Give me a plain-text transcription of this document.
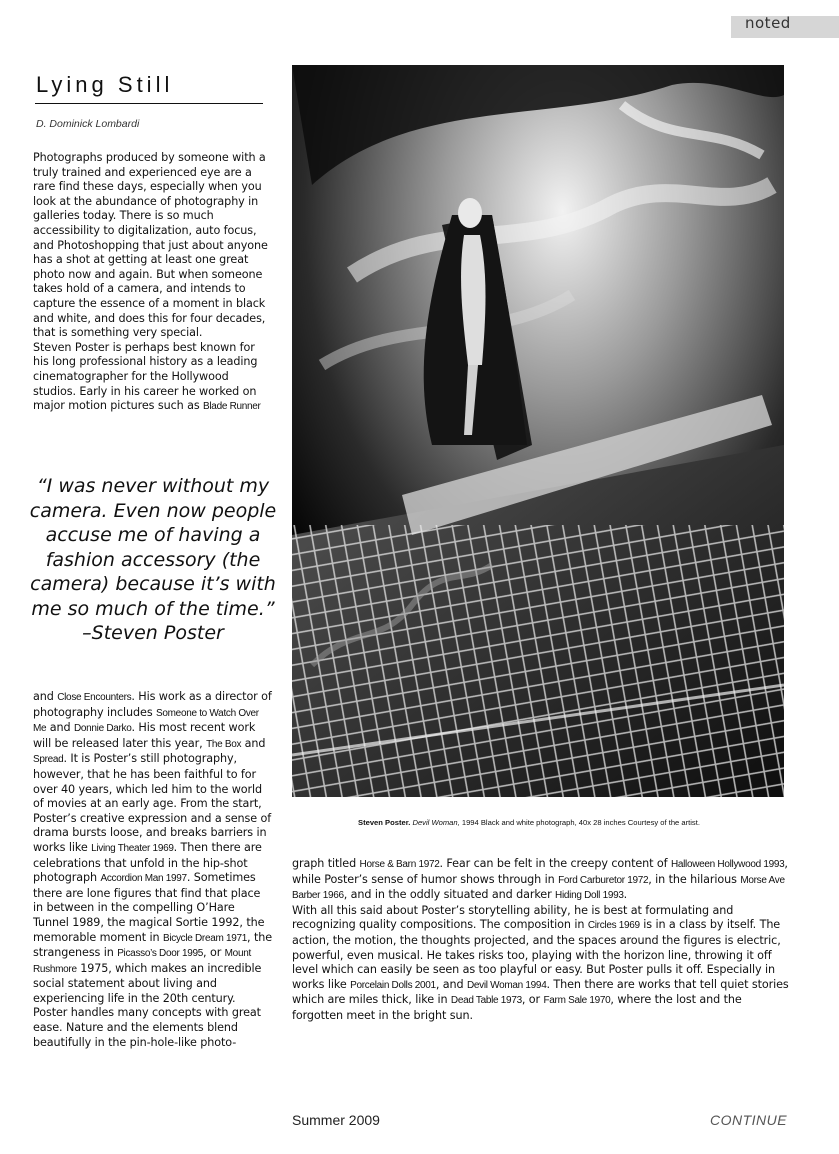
noted
Lying Still
D. Dominick Lombardi

Photographs produced by someone with a truly trained and experienced eye are a rare find these days, especially when you look at the abundance of photography in galleries today. There is so much accessibility to digitalization, auto focus, and Photoshopping that just about anyone has a shot at getting at least one great photo now and again. But when someone takes hold of a camera, and intends to capture the essence of a moment in black and white, and does this for four decades, that is something very special.

Steven Poster is perhaps best known for his long professional history as a leading cinematographer for the Hollywood studios. Early in his career he worked on major motion pictures such as Blade Runner

“I was never without my camera. Even now people accuse me of having a fashion accessory (the camera) because it’s with me so much of the time.”
–Steven Poster

and Close Encounters. His work as a director of photography includes Someone to Watch Over Me and Donnie Darko. His most recent work will be released later this year, The Box and Spread. It is Poster’s still photography, however, that he has been faithful to for over 40 years, which led him to the world of movies at an early age. From the start, Poster’s creative expression and a sense of drama bursts loose, and breaks barriers in works like Living Theater 1969. Then there are celebrations that unfold in the hip-shot photograph Accordion Man 1997. Sometimes there are lone figures that find that place in between in the compelling O’Hare Tunnel 1989, the magical Sortie 1992, the memorable moment in Bicycle Dream 1971, the strangeness in Picasso’s Door 1995, or Mount Rushmore 1975, which makes an incredible social statement about living and experiencing life in the 20th century.

Poster handles many concepts with great ease. Nature and the elements blend beautifully in the pin-hole-like photo-

Steven Poster. Devil Woman, 1994 Black and white photograph, 40x 28 inches Courtesy of the artist.

graph titled Horse & Barn 1972. Fear can be felt in the creepy content of Halloween Hollywood 1993, while Poster’s sense of humor shows through in Ford Carburetor 1972, in the hilarious Morse Ave Barber 1966, and in the oddly situated and darker Hiding Doll 1993.

With all this said about Poster’s storytelling ability, he is best at formulating and recognizing quality compositions. The composition in Circles 1969 is in a class by itself. The action, the motion, the thoughts projected, and the spaces around the figures is electric, powerful, even musical. He takes risks too, playing with the horizon line, throwing it off level which can easily be seen as too playful or easy. But Poster pulls it off. Especially in works like Porcelain Dolls 2001, and Devil Woman 1994. Then there are works that tell quiet stories which are miles thick, like in Dead Table 1973, or Farm Sale 1970, where the lost and the forgotten meet in the bright sun.

Summer 2009	CONTINUE
